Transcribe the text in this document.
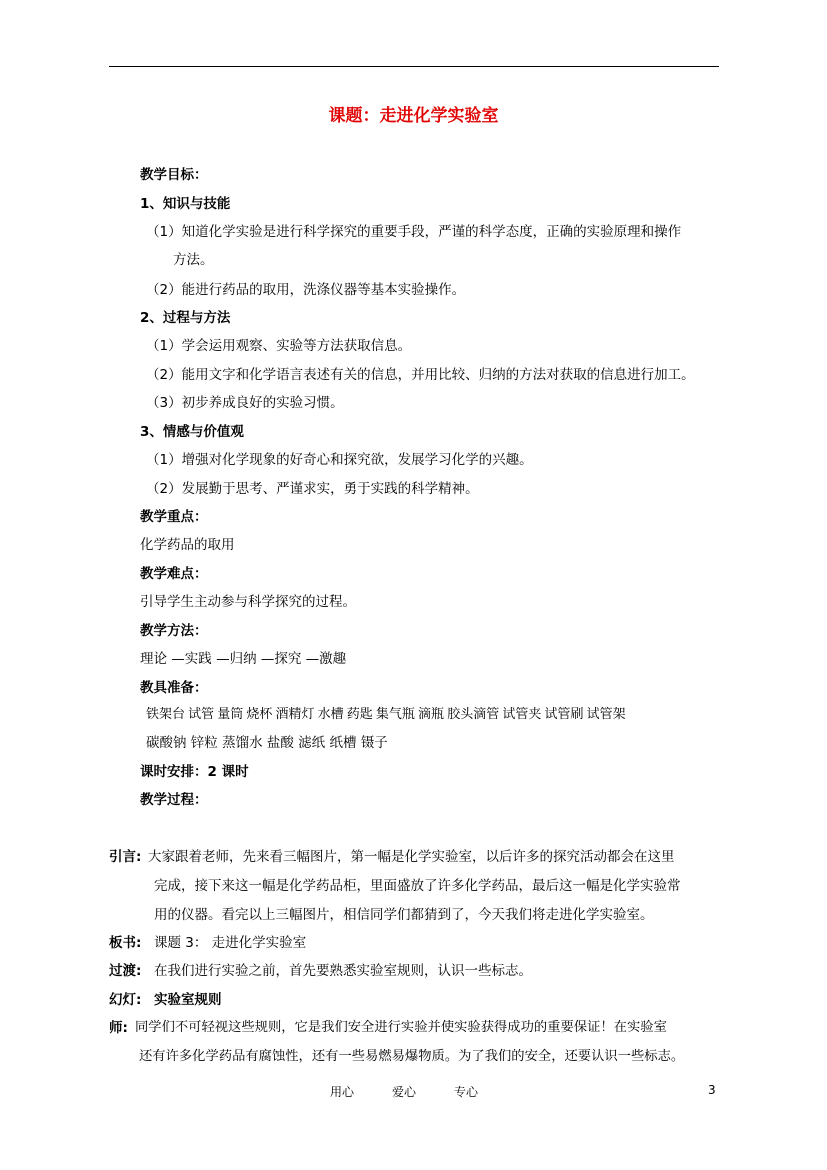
课题：走进化学实验室
教学目标：
1、知识与技能
（1）知道化学实验是进行科学探究的重要手段，严谨的科学态度，正确的实验原理和操作
方法。
（2）能进行药品的取用，洗涤仪器等基本实验操作。
2、过程与方法
（1）学会运用观察、实验等方法获取信息。
（2）能用文字和化学语言表述有关的信息，并用比较、归纳的方法对获取的信息进行加工。
（3）初步养成良好的实验习惯。
3、情感与价值观
（1）增强对化学现象的好奇心和探究欲，发展学习化学的兴趣。
（2）发展勤于思考、严谨求实，勇于实践的科学精神。
教学重点：
化学药品的取用
教学难点：
引导学生主动参与科学探究的过程。
教学方法：
理论 —实践 —归纳 —探究 —激趣
教具准备：
铁架台 试管 量筒 烧杯 酒精灯 水槽 药匙 集气瓶 滴瓶 胶头滴管 试管夹 试管刷 试管架
碳酸钠 锌粒 蒸馏水 盐酸 滤纸 纸槽 镊子
课时安排：2 课时
教学过程：
引言: 大家跟着老师，先来看三幅图片，第一幅是化学实验室，以后许多的探究活动都会在这里
完成，接下来这一幅是化学药品柜，里面盛放了许多化学药品，最后这一幅是化学实验常
用的仪器。看完以上三幅图片，相信同学们都猜到了，今天我们将走进化学实验室。
板书: 课题 3： 走进化学实验室
过渡: 在我们进行实验之前，首先要熟悉实验室规则，认识一些标志。
幻灯: 实验室规则
师: 同学们不可轻视这些规则，它是我们安全进行实验并使实验获得成功的重要保证！在实验室
还有许多化学药品有腐蚀性，还有一些易燃易爆物质。为了我们的安全，还要认识一些标志。
用心	爱心	专心	3
